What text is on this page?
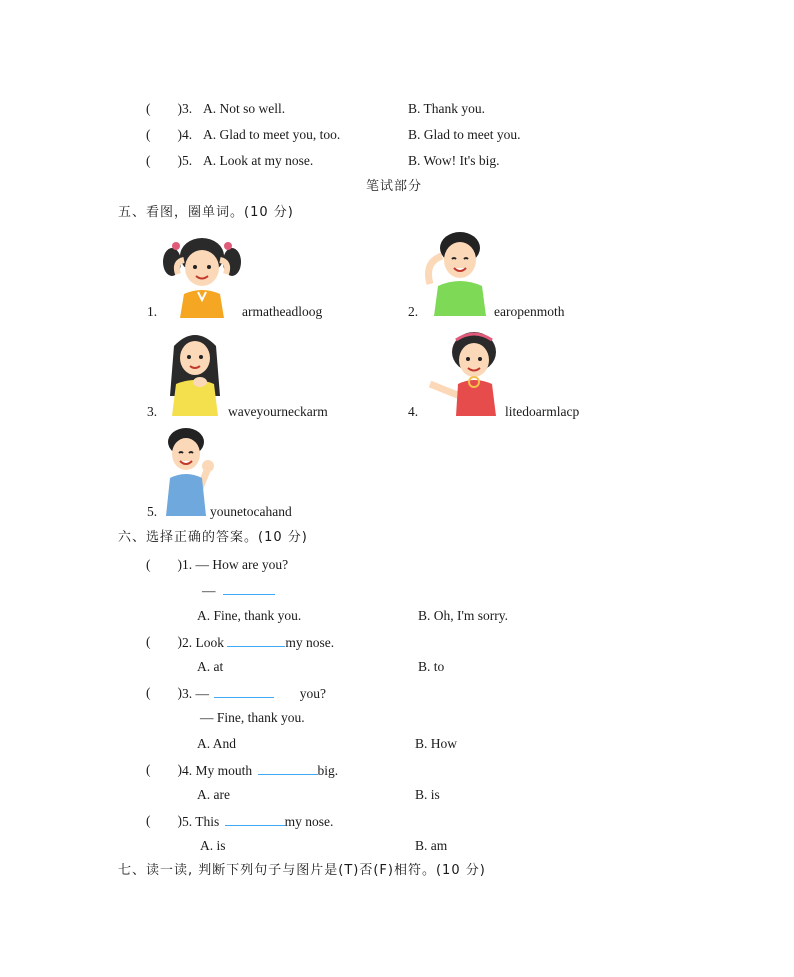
(　　) 3. A. Not so well.	B. Thank you.
(　　) 4. A. Glad to meet you, too.	B. Glad to meet you.
(　　) 5. A. Look at my nose.	B. Wow! It's big.
笔试部分
五、看图，圈单词。(10 分)
1.	armatheadloog	2.	earopenmoth
3.	waveyourneckarm	4.	litedoarmlacp
5.	younetocahand
六、选择正确的答案。(10 分)
(　　) 1. — How are you?
—
A. Fine, thank you.	B. Oh, I'm sorry.
(　　) 2. Look	my nose.
A. at	B. to
(　　) 3. —	you?
— Fine, thank you.
A. And	B. How
(　　) 4. My mouth	big.
A. are	B. is
(　　) 5. This	my nose.
A. is	B. am
七、读一读, 判断下列句子与图片是(T)否(F)相符。(10 分)
